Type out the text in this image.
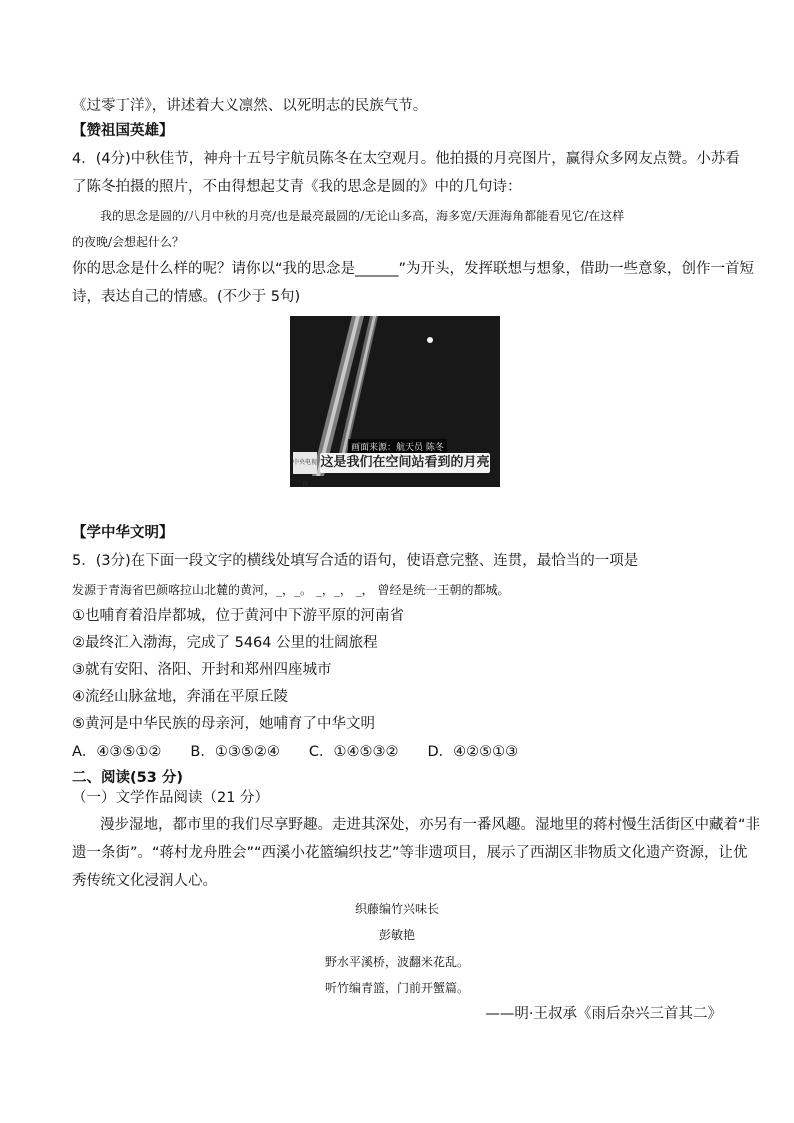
《过零丁洋》，讲述着大义凛然、以死明志的民族气节。
【赞祖国英雄】
4．(4分)中秋佳节，神舟十五号宇航员陈冬在太空观月。他拍摄的月亮图片，赢得众多网友点赞。小苏看
了陈冬拍摄的照片，不由得想起艾青《我的思念是圆的》中的几句诗：
我的思念是圆的/八月中秋的月亮/也是最亮最圆的/无论山多高，海多宽/天涯海角都能看见它/在这样
的夜晚/会想起什么？
你的思念是什么样的呢？请你以“我的思念是______”为开头，发挥联想与想象，借助一些意象，创作一首短
诗，表达自己的情感。(不少于 5句)
中央电视台
画面来源：航天员 陈冬
这是我们在空间站看到的月亮
【学中华文明】
5．(3分)在下面一段文字的横线处填写合适的语句，使语意完整、连贯，最恰当的一项是
发源于青海省巴颜喀拉山北麓的黄河，_，_。 _，_， _， 曾经是统一王朝的都城。
①也哺育着沿岸都城，位于黄河中下游平原的河南省
②最终汇入渤海，完成了 5464 公里的壮阔旅程
③就有安阳、洛阳、开封和郑州四座城市
④流经山脉盆地，奔涌在平原丘陵
⑤黄河是中华民族的母亲河，她哺育了中华文明
A．④③⑤①②　　B．①③⑤②④　　C．①④⑤③②　　D．④②⑤①③
二、阅读(53 分)
（一）文学作品阅读（21 分）
漫步湿地，都市里的我们尽享野趣。走进其深处，亦另有一番风趣。湿地里的蒋村慢生活街区中藏着“非
遗一条街”。“蒋村龙舟胜会”“西溪小花篮编织技艺”等非遗项目，展示了西湖区非物质文化遗产资源，让优
秀传统文化浸润人心。
织藤编竹兴味长
彭敏艳
野水平溪桥，波翻米花乱。
听竹编青篮，门前开蟹篇。
——明·王叔承《雨后杂兴三首其二》
